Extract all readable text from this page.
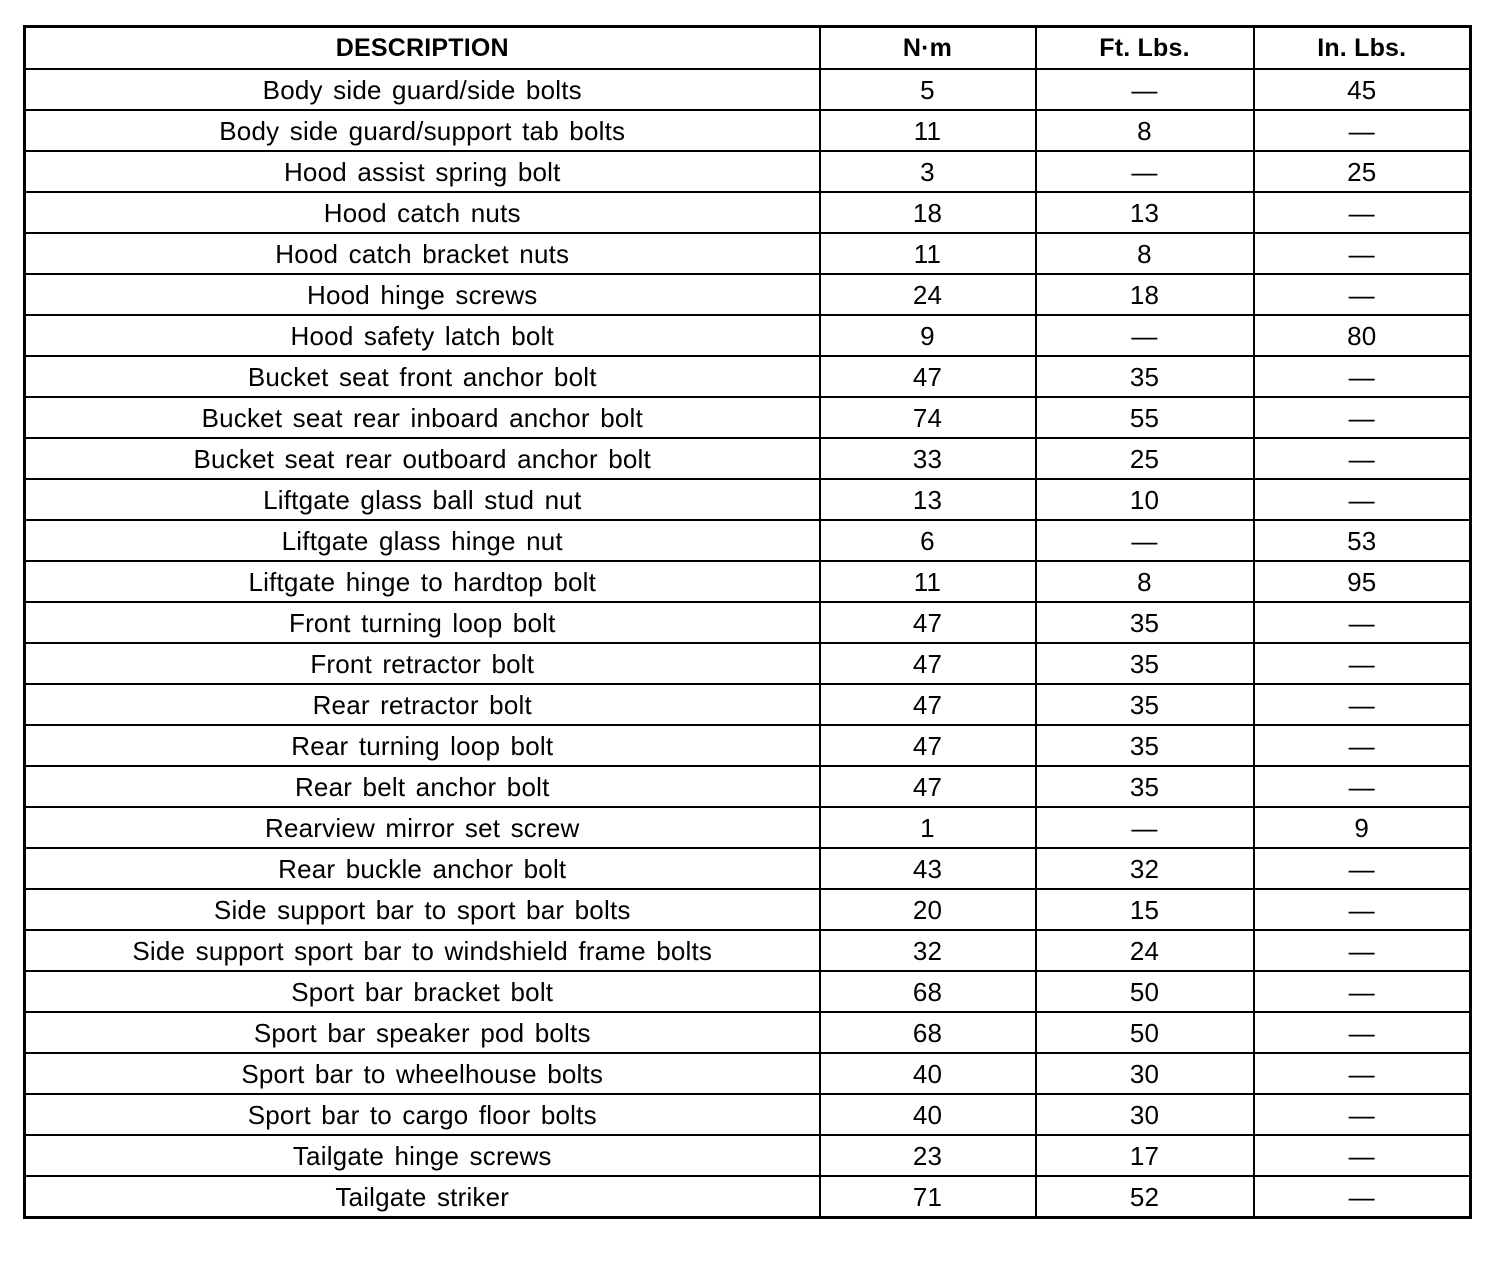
DESCRIPTION	N·m	Ft. Lbs.	In. Lbs.
Body side guard/side bolts	5	—	45
Body side guard/support tab bolts	11	8	—
Hood assist spring bolt	3	—	25
Hood catch nuts	18	13	—
Hood catch bracket nuts	11	8	—
Hood hinge screws	24	18	—
Hood safety latch bolt	9	—	80
Bucket seat front anchor bolt	47	35	—
Bucket seat rear inboard anchor bolt	74	55	—
Bucket seat rear outboard anchor bolt	33	25	—
Liftgate glass ball stud nut	13	10	—
Liftgate glass hinge nut	6	—	53
Liftgate hinge to hardtop bolt	11	8	95
Front turning loop bolt	47	35	—
Front retractor bolt	47	35	—
Rear retractor bolt	47	35	—
Rear turning loop bolt	47	35	—
Rear belt anchor bolt	47	35	—
Rearview mirror set screw	1	—	9
Rear buckle anchor bolt	43	32	—
Side support bar to sport bar bolts	20	15	—
Side support sport bar to windshield frame bolts	32	24	—
Sport bar bracket bolt	68	50	—
Sport bar speaker pod bolts	68	50	—
Sport bar to wheelhouse bolts	40	30	—
Sport bar to cargo floor bolts	40	30	—
Tailgate hinge screws	23	17	—
Tailgate striker	71	52	—
